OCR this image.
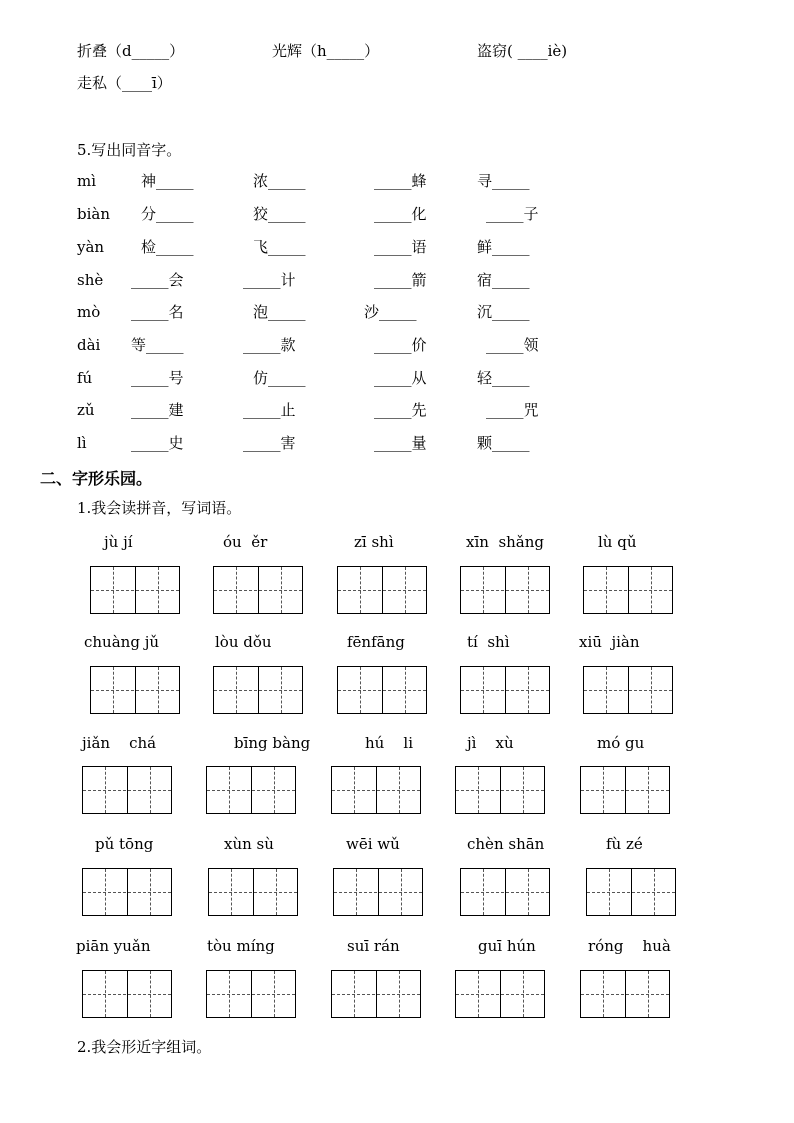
折叠（d_____）	光辉（h_____）	盗窃( ____iè)
走私（____ī）
5.写出同音字。
mì	神_____	浓_____	_____蜂	寻_____
biàn 分_____	狡_____	_____化	_____子
yàn 检_____	飞_____	_____语	鲜_____
shè _____会	_____计	_____箭	宿_____
mò _____名	泡_____	沙_____	沉_____
dài 等_____	_____款	_____价	_____领
fú	_____号	仿_____	_____从	轻_____
zǔ _____建	_____止	_____先	_____咒
lì	_____史	_____害	_____量	颗_____
二、字形乐园。
1.我会读拼音，写词语。
jù jí	óu  ěr	zī shì	xīn  shǎng	lù qǔ
chuàng jǔ	lòu dǒu	fēnfāng	tí  shì	xiū  jiàn
jiǎn    chá	bīng bàng	hú    li	jì    xù	mó gu
pǔ tōng	xùn sù	wēi wǔ	chèn shān	fù zé
piān yuǎn	tòu míng	suī rán	guī hún	róng    huà
2.我会形近字组词。
